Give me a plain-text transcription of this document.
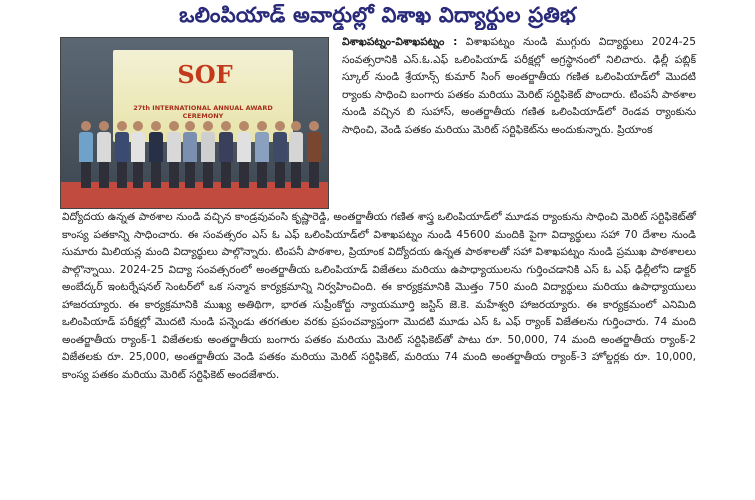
ఒలింపియాడ్ అవార్డుల్లో విశాఖ విద్యార్థుల ప్రతిభ
SOF
27th INTERNATIONAL ANNUAL AWARD CEREMONY

విశాఖపట్నం-విశాఖపట్నం : విశాఖపట్నం నుండి ముగ్గురు విద్యార్థులు 2024-25 సంవత్సరానికి ఎస్.ఓ.ఎఫ్ ఒలింపియాడ్ పరీక్షల్లో అగ్రస్థానంలో నిలిచారు. ఢిల్లీ పబ్లిక్ స్కూల్ నుండి శ్రేయాన్స్ కుమార్ సింగ్ అంతర్జాతీయ గణిత ఒలింపియాడ్‌లో మొదటి ర్యాంకు సాధించి బంగారు పతకం మరియు మెరిట్ సర్టిఫికెట్ పొందారు. టింపనీ పాఠశాల నుండి వచ్చిన బి సుహాస్, అంతర్జాతీయ గణిత ఒలింపియాడ్‌లో రెండవ ర్యాంకును సాధించి, వెండి పతకం మరియు మెరిట్ సర్టిఫికెట్‌ను అందుకున్నారు. ప్రియాంక

విద్యోదయ ఉన్నత పాఠశాల నుండి వచ్చిన కాండ్రవువంసి కృష్ణారెడ్డి, అంతర్జాతీయ గణిత శాస్త్ర ఒలింపియాడ్‌లో మూడవ ర్యాంకును సాధించి మెరిట్ సర్టిఫికెట్‌తో కాంస్య పతకాన్ని సాధించారు. ఈ సంవత్సరం ఎస్ ఓ ఎఫ్ ఒలింపియాడ్‌లో విశాఖపట్నం నుండి 45600 మందికి పైగా విద్యార్థులు సహా 70 దేశాల నుండి సుమారు మిలియన్ల మంది విద్యార్థులు పాల్గొన్నారు. టింపనీ పాఠశాల, ప్రియాంక విద్యోదయ ఉన్నత పాఠశాలతో సహా విశాఖపట్నం నుండి ప్రముఖ పాఠశాలలు పాల్గొన్నాయి. 2024-25 విద్యా సంవత్సరంలో అంతర్జాతీయ ఒలింపియాడ్ విజేతలు మరియు ఉపాధ్యాయులను గుర్తించడానికి ఎస్ ఓ ఎఫ్ ఢిల్లీలోని డాక్టర్ అంబేద్కర్ ఇంటర్నేషనల్ సెంటర్‌లో ఒక సన్మాన కార్యక్రమాన్ని నిర్వహించింది. ఈ కార్యక్రమానికి మొత్తం 750 మంది విద్యార్థులు మరియు ఉపాధ్యాయులు హాజరయ్యారు. ఈ కార్యక్రమానికి ముఖ్య అతిథిగా, భారత సుప్రీంకోర్టు న్యాయమూర్తి జస్టిస్ జె.కె. మహేశ్వరి హాజరయ్యారు. ఈ కార్యక్రమంలో ఎనిమిది ఒలింపియాడ్ పరీక్షల్లో మొదటి నుండి పన్నెండు తరగతుల వరకు ప్రపంచవ్యాప్తంగా మొదటి మూడు ఎస్ ఓ ఎఫ్ ర్యాంక్ విజేతలను గుర్తించారు. 74 మంది అంతర్జాతీయ ర్యాంక్-1 విజేతలకు అంతర్జాతీయ బంగారు పతకం మరియు మెరిట్ సర్టిఫికెట్‌తో పాటు రూ. 50,000, 74 మంది అంతర్జాతీయ ర్యాంక్-2 విజేతలకు రూ. 25,000, అంతర్జాతీయ వెండి పతకం మరియు మెరిట్ సర్టిఫికెట్, మరియు 74 మంది అంతర్జాతీయ ర్యాంక్-3 హోల్డర్లకు రూ. 10,000, కాంస్య పతకం మరియు మెరిట్ సర్టిఫికెట్ అందజేశారు.
